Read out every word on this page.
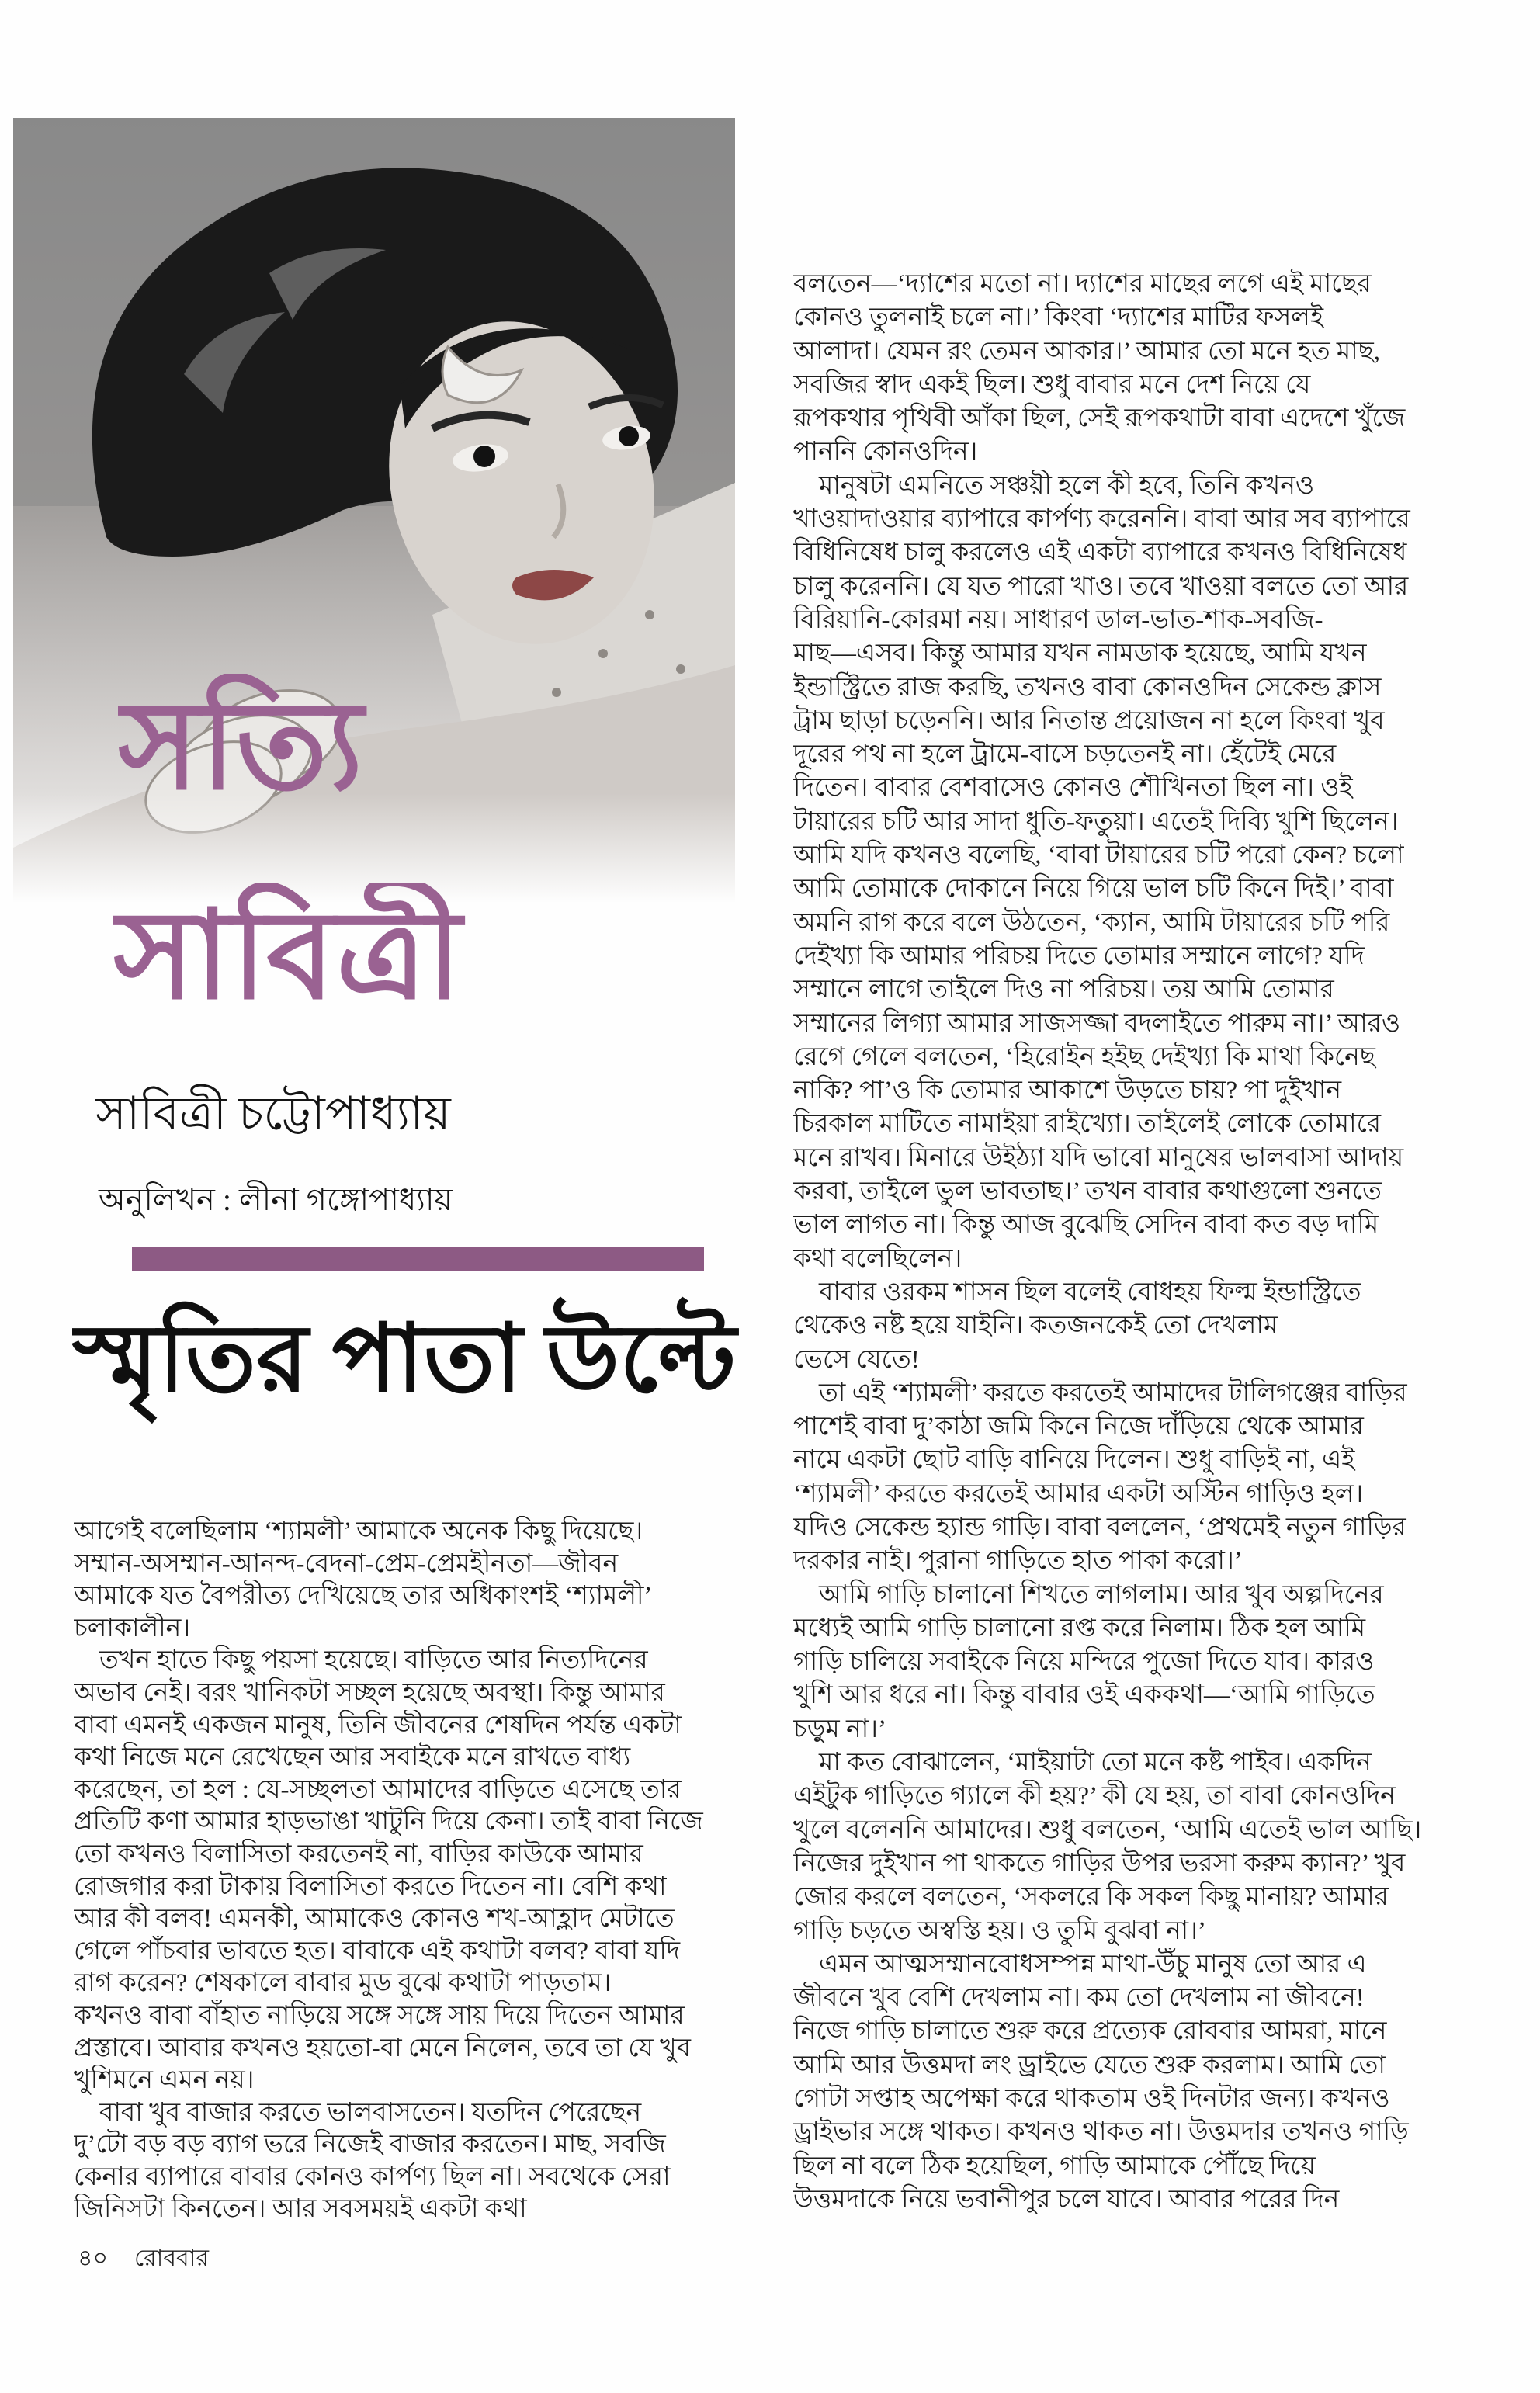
সত্যি
সাবিত্রী
সাবিত্রী চট্টোপাধ্যায়
অনুলিখন : লীনা গঙ্গোপাধ্যায়
স্মৃতির পাতা উল্টে
আগেই বলেছিলাম ‘শ্যামলী’ আমাকে অনেক কিছু দিয়েছে।
সম্মান-অসম্মান-আনন্দ-বেদনা-প্রেম-প্রেমহীনতা—জীবন
আমাকে যত বৈপরীত্য দেখিয়েছে তার অধিকাংশই ‘শ্যামলী’
চলাকালীন।
তখন হাতে কিছু পয়সা হয়েছে। বাড়িতে আর নিত্যদিনের
অভাব নেই। বরং খানিকটা সচ্ছল হয়েছে অবস্থা। কিন্তু আমার
বাবা এমনই একজন মানুষ, তিনি জীবনের শেষদিন পর্যন্ত একটা
কথা নিজে মনে রেখেছেন আর সবাইকে মনে রাখতে বাধ্য
করেছেন, তা হল : যে-সচ্ছলতা আমাদের বাড়িতে এসেছে তার
প্রতিটি কণা আমার হাড়ভাঙা খাটুনি দিয়ে কেনা। তাই বাবা নিজে
তো কখনও বিলাসিতা করতেনই না, বাড়ির কাউকে আমার
রোজগার করা টাকায় বিলাসিতা করতে দিতেন না। বেশি কথা
আর কী বলব! এমনকী, আমাকেও কোনও শখ-আহ্লাদ মেটাতে
গেলে পাঁচবার ভাবতে হত। বাবাকে এই কথাটা বলব? বাবা যদি
রাগ করেন? শেষকালে বাবার মুড বুঝে কথাটা পাড়তাম।
কখনও বাবা বাঁহাত নাড়িয়ে সঙ্গে সঙ্গে সায় দিয়ে দিতেন আমার
প্রস্তাবে। আবার কখনও হয়তো-বা মেনে নিলেন, তবে তা যে খুব
খুশিমনে এমন নয়।
বাবা খুব বাজার করতে ভালবাসতেন। যতদিন পেরেছেন
দু’টো বড় বড় ব্যাগ ভরে নিজেই বাজার করতেন। মাছ, সবজি
কেনার ব্যাপারে বাবার কোনও কার্পণ্য ছিল না। সবথেকে সেরা
জিনিসটা কিনতেন। আর সবসময়ই একটা কথা
বলতেন—‘দ্যাশের মতো না। দ্যাশের মাছের লগে এই মাছের
কোনও তুলনাই চলে না।’ কিংবা ‘দ্যাশের মাটির ফসলই
আলাদা। যেমন রং তেমন আকার।’ আমার তো মনে হত মাছ,
সবজির স্বাদ একই ছিল। শুধু বাবার মনে দেশ নিয়ে যে
রূপকথার পৃথিবী আঁকা ছিল, সেই রূপকথাটা বাবা এদেশে খুঁজে
পাননি কোনওদিন।
মানুষটা এমনিতে সঞ্চয়ী হলে কী হবে, তিনি কখনও
খাওয়াদাওয়ার ব্যাপারে কার্পণ্য করেননি। বাবা আর সব ব্যাপারে
বিধিনিষেধ চালু করলেও এই একটা ব্যাপারে কখনও বিধিনিষেধ
চালু করেননি। যে যত পারো খাও। তবে খাওয়া বলতে তো আর
বিরিয়ানি-কোরমা নয়। সাধারণ ডাল-ভাত-শাক-সবজি-
মাছ—এসব। কিন্তু আমার যখন নামডাক হয়েছে, আমি যখন
ইন্ডাস্ট্রিতে রাজ করছি, তখনও বাবা কোনওদিন সেকেন্ড ক্লাস
ট্রাম ছাড়া চড়েননি। আর নিতান্ত প্রয়োজন না হলে কিংবা খুব
দূরের পথ না হলে ট্রামে-বাসে চড়তেনই না। হেঁটেই মেরে
দিতেন। বাবার বেশবাসেও কোনও শৌখিনতা ছিল না। ওই
টায়ারের চটি আর সাদা ধুতি-ফতুয়া। এতেই দিব্যি খুশি ছিলেন।
আমি যদি কখনও বলেছি, ‘বাবা টায়ারের চটি পরো কেন? চলো
আমি তোমাকে দোকানে নিয়ে গিয়ে ভাল চটি কিনে দিই।’ বাবা
অমনি রাগ করে বলে উঠতেন, ‘ক্যান, আমি টায়ারের চটি পরি
দেইখ্যা কি আমার পরিচয় দিতে তোমার সম্মানে লাগে? যদি
সম্মানে লাগে তাইলে দিও না পরিচয়। তয় আমি তোমার
সম্মানের লিগ্যা আমার সাজসজ্জা বদলাইতে পারুম না।’ আরও
রেগে গেলে বলতেন, ‘হিরোইন হইছ দেইখ্যা কি মাথা কিনেছ
নাকি? পা’ও কি তোমার আকাশে উড়তে চায়? পা দুইখান
চিরকাল মাটিতে নামাইয়া রাইখ্যো। তাইলেই লোকে তোমারে
মনে রাখব। মিনারে উইঠ্যা যদি ভাবো মানুষের ভালবাসা আদায়
করবা, তাইলে ভুল ভাবতাছ।’ তখন বাবার কথাগুলো শুনতে
ভাল লাগত না। কিন্তু আজ বুঝেছি সেদিন বাবা কত বড় দামি
কথা বলেছিলেন।
বাবার ওরকম শাসন ছিল বলেই বোধহয় ফিল্ম ইন্ডাস্ট্রিতে
থেকেও নষ্ট হয়ে যাইনি। কতজনকেই তো দেখলাম
ভেসে যেতে!
তা এই ‘শ্যামলী’ করতে করতেই আমাদের টালিগঞ্জের বাড়ির
পাশেই বাবা দু’কাঠা জমি কিনে নিজে দাঁড়িয়ে থেকে আমার
নামে একটা ছোট বাড়ি বানিয়ে দিলেন। শুধু বাড়িই না, এই
‘শ্যামলী’ করতে করতেই আমার একটা অস্টিন গাড়িও হল।
যদিও সেকেন্ড হ্যান্ড গাড়ি। বাবা বললেন, ‘প্রথমেই নতুন গাড়ির
দরকার নাই। পুরানা গাড়িতে হাত পাকা করো।’
আমি গাড়ি চালানো শিখতে লাগলাম। আর খুব অল্পদিনের
মধ্যেই আমি গাড়ি চালানো রপ্ত করে নিলাম। ঠিক হল আমি
গাড়ি চালিয়ে সবাইকে নিয়ে মন্দিরে পুজো দিতে যাব। কারও
খুশি আর ধরে না। কিন্তু বাবার ওই এককথা—‘আমি গাড়িতে
চড়ুম না।’
মা কত বোঝালেন, ‘মাইয়াটা তো মনে কষ্ট পাইব। একদিন
এইটুক গাড়িতে গ্যালে কী হয়?’ কী যে হয়, তা বাবা কোনওদিন
খুলে বলেননি আমাদের। শুধু বলতেন, ‘আমি এতেই ভাল আছি।
নিজের দুইখান পা থাকতে গাড়ির উপর ভরসা করুম ক্যান?’ খুব
জোর করলে বলতেন, ‘সকলরে কি সকল কিছু মানায়? আমার
গাড়ি চড়তে অস্বস্তি হয়। ও তুমি বুঝবা না।’
এমন আত্মসম্মানবোধসম্পন্ন মাথা-উঁচু মানুষ তো আর এ
জীবনে খুব বেশি দেখলাম না। কম তো দেখলাম না জীবনে!
নিজে গাড়ি চালাতে শুরু করে প্রত্যেক রোববার আমরা, মানে
আমি আর উত্তমদা লং ড্রাইভে যেতে শুরু করলাম। আমি তো
গোটা সপ্তাহ অপেক্ষা করে থাকতাম ওই দিনটার জন্য। কখনও
ড্রাইভার সঙ্গে থাকত। কখনও থাকত না। উত্তমদার তখনও গাড়ি
ছিল না বলে ঠিক হয়েছিল, গাড়ি আমাকে পৌঁছে দিয়ে
উত্তমদাকে নিয়ে ভবানীপুর চলে যাবে। আবার পরের দিন
৪০ রোববার
